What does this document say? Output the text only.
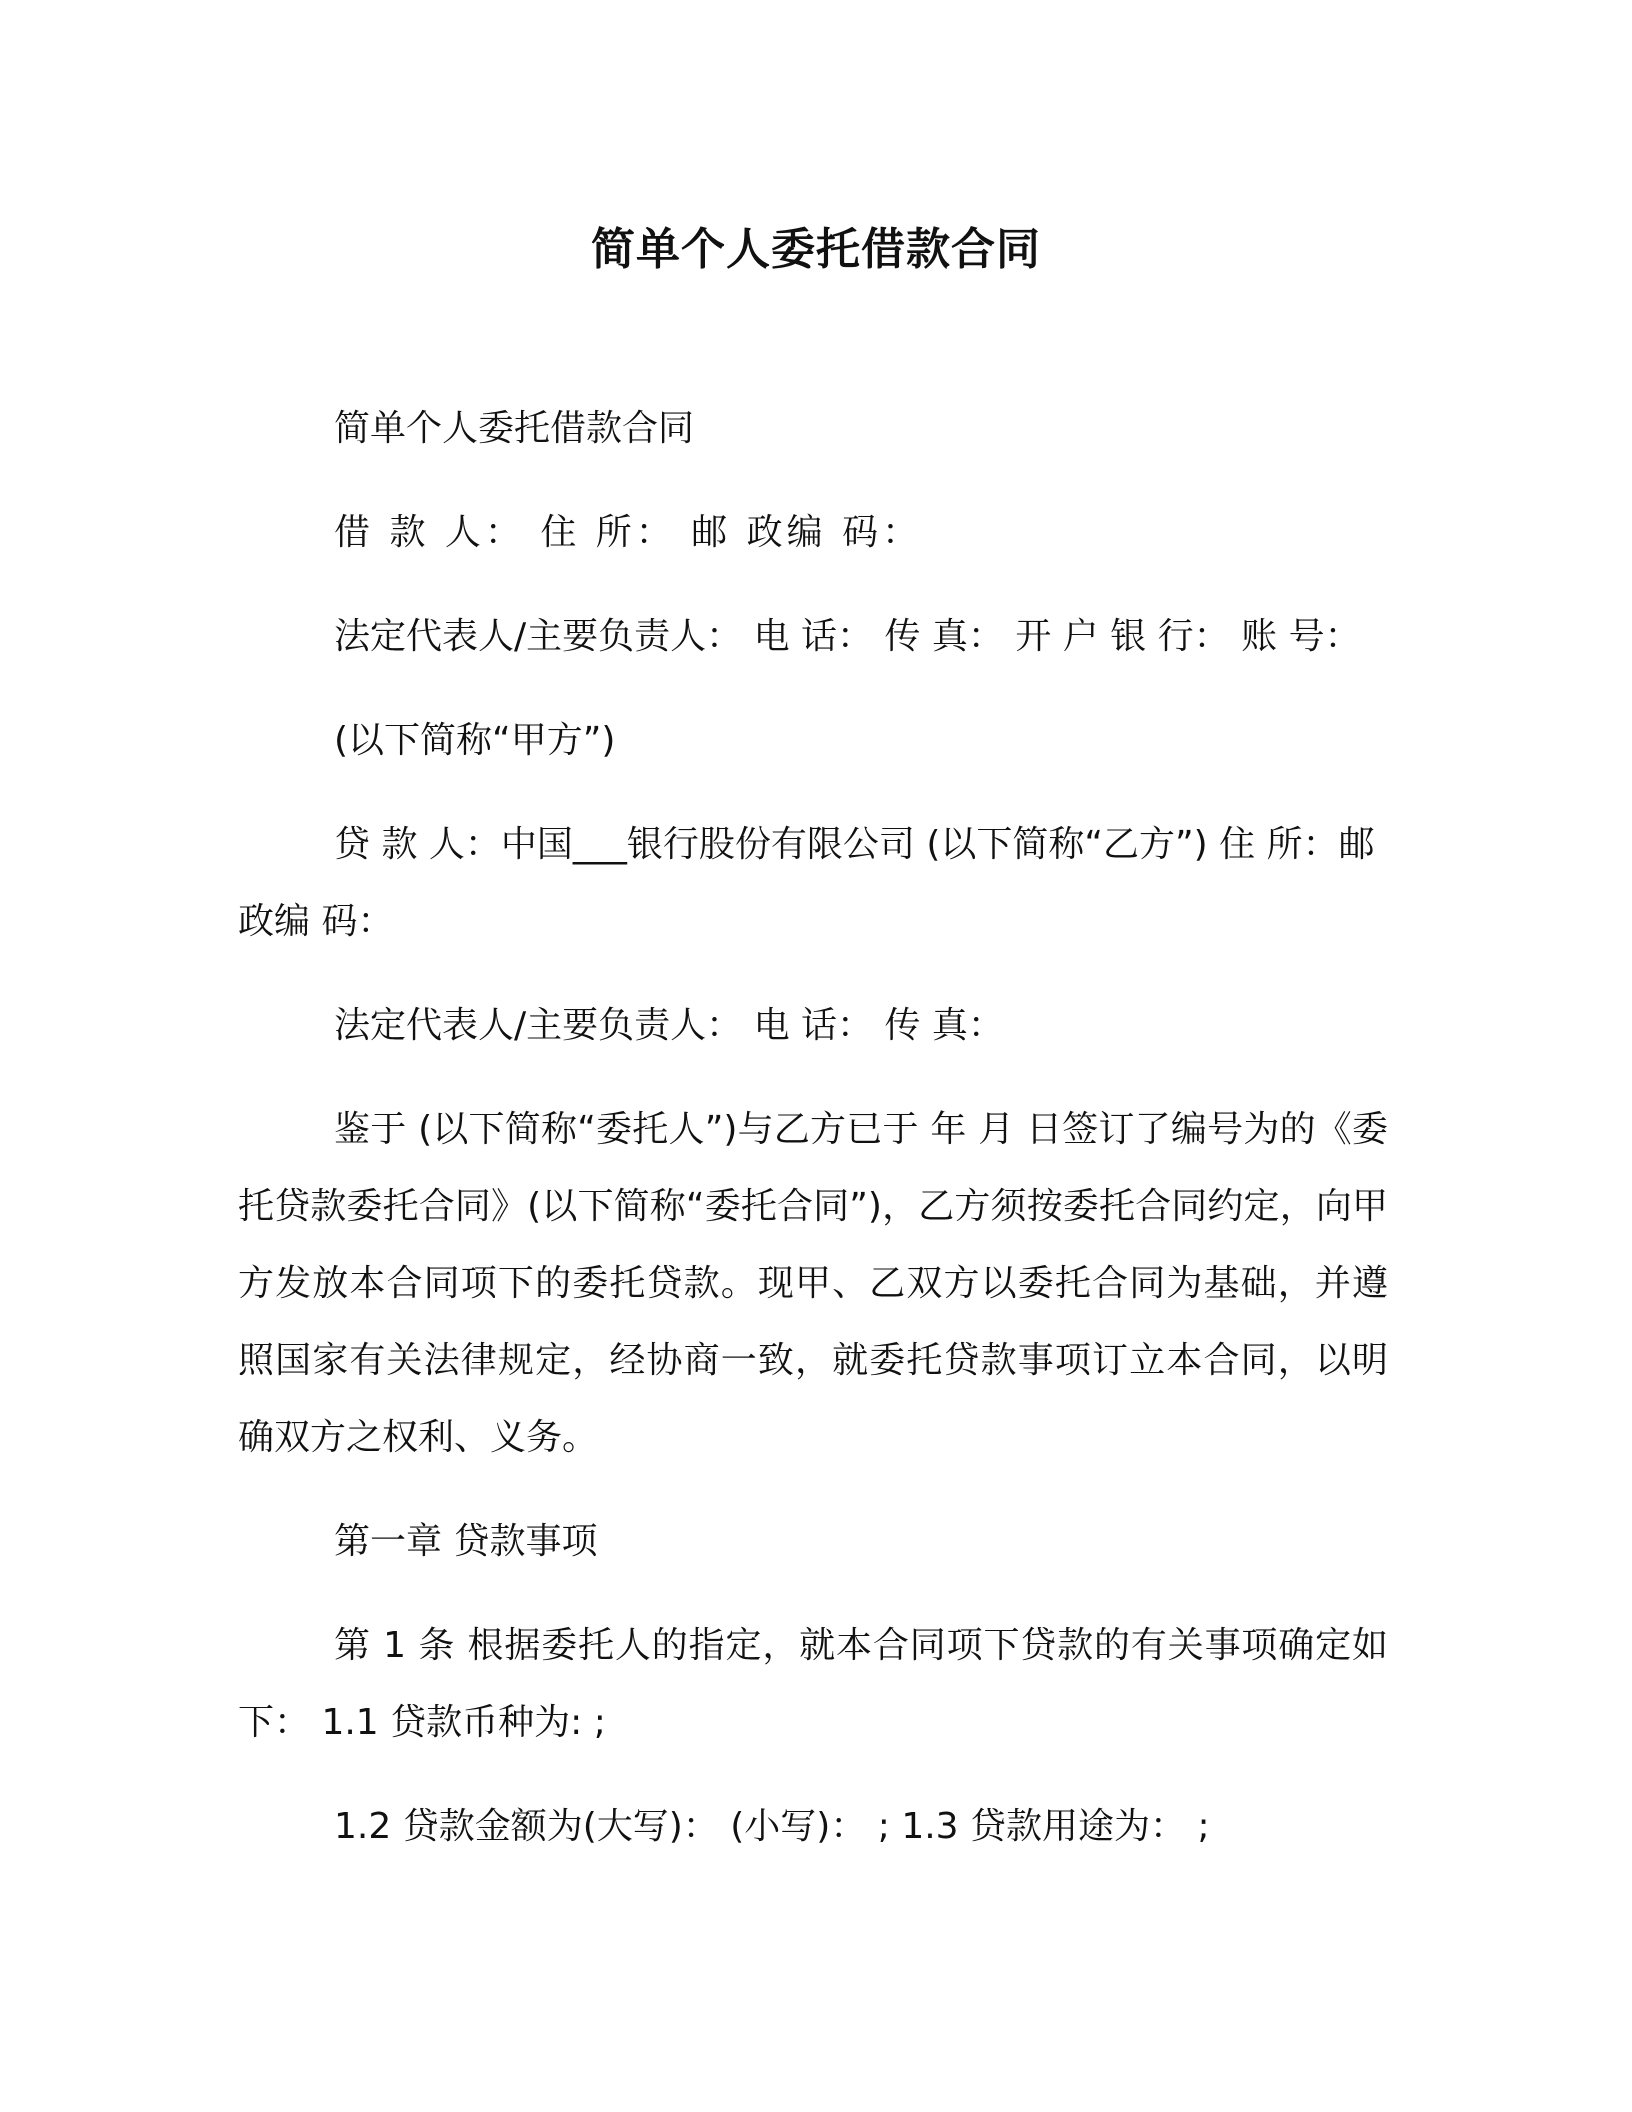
简单个人委托借款合同

简单个人委托借款合同

借 款 人： 住 所： 邮 政编 码：

法定代表人/主要负责人： 电 话： 传 真： 开 户 银 行： 账 号：

(以下简称“甲方”)

贷 款 人：中国___银行股份有限公司 (以下简称“乙方”) 住 所：邮 政编 码：

法定代表人/主要负责人： 电 话： 传 真：

鉴于 (以下简称“委托人”)与乙方已于 年 月 日签订了编号为的《委托贷款委托合同》(以下简称“委托合同”)，乙方须按委托合同约定，向甲方发放本合同项下的委托贷款。现甲、乙双方以委托合同为基础，并遵照国家有关法律规定，经协商一致，就委托贷款事项订立本合同，以明确双方之权利、义务。

第一章 贷款事项

第 1 条 根据委托人的指定，就本合同项下贷款的有关事项确定如下： 1.1 贷款币种为: ;

1.2 贷款金额为(大写)： (小写)： ; 1.3 贷款用途为： ;
